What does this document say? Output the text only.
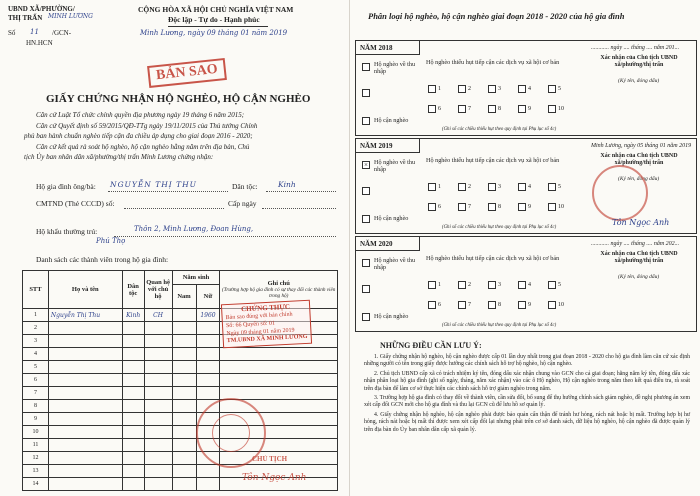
UBND XÃ/PHƯỜNG/
THỊ TRẤN MINH LƯƠNG
Số 11 /GCN-
HN.HCN
CỘNG HÒA XÃ HỘI CHỦ NGHĨA VIỆT NAM
Độc lập - Tự do - Hạnh phúc
Minh Lương, ngày 09 tháng 01 năm 2019
BẢN SAO
GIẤY CHỨNG NHẬN HỘ NGHÈO, HỘ CẬN NGHÈO
Căn cứ Luật Tổ chức chính quyền địa phương ngày 19 tháng 6 năm 2015;
Căn cứ Quyết định số 59/2015/QĐ-TTg ngày 19/11/2015 của Thủ tướng Chính
phủ ban hành chuẩn nghèo tiếp cận đa chiều áp dụng cho giai đoạn 2016 - 2020;
Căn cứ kết quả rà soát hộ nghèo, hộ cận nghèo hằng năm trên địa bàn, Chủ
tịch Ủy ban nhân dân xã/phường/thị trấn Minh Lương chứng nhận:
Hộ gia đình ông/bà: NGUYỄN THỊ THU	Dân tộc:	Kinh
CMTND (Thẻ CCCD) số:	Cấp ngày
Hộ khẩu thường trú:	Thôn 2, Minh Lương, Đoan Hùng,
Phú Thọ
Danh sách các thành viên trong hộ gia đình:
STT	Họ và tên	Dân tộc	Quan hệ với chủ hộ	Năm sinh		Ghi chú
(Trường hợp hộ gia đình có sự thay đổi các thành viên trong hộ)

				Nam	Nữ	
1	Nguyễn Thị Thu	Kinh	CH		1960	
2						
3						
4						
5						
6						
7						
8						
9						
10						
11						
12						
13						
14						
CHỨNG THỰC
Bản sao đúng với bản chính
Số: 66 Quyển số: 01
Ngày 09 tháng 01 năm 2019
TM.UBND XÃ MINH LƯƠNG
CHỦ TỊCH
Tôn Ngọc Anh
Phân loại hộ nghèo, hộ cận nghèo giai đoạn 2018 - 2020 của hộ gia đình
NĂM 2018	............ ngày .... tháng .... năm 201...
Xác nhận của Chủ tịch UBND xã/phường/thị trấn
(Ký tên, đóng dấu)
Hộ nghèo về thu nhập
Hộ nghèo thiếu hụt tiếp cận các dịch vụ xã hội cơ bản
1	2	3	4	5
6	7	8	9	10
Hộ cận nghèo
(Ghi số các chiều thiếu hụt theo quy định tại Phụ lục số 4c)
NĂM 2019	Minh Lương, ngày 05 tháng 01 năm 2019
Xác nhận của Chủ tịch UBND xã/phường/thị trấn
(Ký tên, đóng dấu)
× Hộ nghèo về thu nhập
Hộ nghèo thiếu hụt tiếp cận các dịch vụ xã hội cơ bản
1	2	3	4	5
6	7	8	9	10
Hộ cận nghèo
(Ghi số các chiều thiếu hụt theo quy định tại Phụ lục số 4c)
Tôn Ngọc Anh
NĂM 2020	............ ngày .... tháng .... năm 202...
Xác nhận của Chủ tịch UBND xã/phường/thị trấn
(Ký tên, đóng dấu)
Hộ nghèo về thu nhập
Hộ nghèo thiếu hụt tiếp cận các dịch vụ xã hội cơ bản
1	2	3	4	5
6	7	8	9	10
Hộ cận nghèo
(Ghi số các chiều thiếu hụt theo quy định tại Phụ lục số 4c)
NHỮNG ĐIỀU CẦN LƯU Ý:

1. Giấy chứng nhận hộ nghèo, hộ cận nghèo được cấp 01 lần duy nhất trong giai đoạn 2018 - 2020 cho hộ gia đình làm căn cứ xác định những người có tên trong giấy được hưởng các chính sách hỗ trợ hộ nghèo, hộ cận nghèo.

2. Chủ tịch UBND cấp xã có trách nhiệm ký tên, đóng dấu xác nhận chung vào GCN cho cả giai đoạn; hằng năm ký tên, đóng dấu xác nhận phân loại hộ gia đình (ghi số ngày, tháng, năm xác nhận) vào các ô Hộ nghèo, Hộ cận nghèo trong năm theo kết quả điều tra, rà soát trên địa bàn để làm cơ sở thực hiện các chính sách hỗ trợ giảm nghèo trong năm.

3. Trường hợp hộ gia đình có thay đổi về thành viên, cần sửa đổi, bổ sung để thụ hưởng chính sách giảm nghèo, đề nghị phương án xem xét cấp đổi GCN mới cho hộ gia đình và thu lại GCN cũ để lưu hồ sơ quản lý.

4. Giấy chứng nhận hộ nghèo, hộ cận nghèo phải được bảo quản cẩn thận để tránh hư hỏng, rách nát hoặc bị mất. Trường hợp bị hư hỏng, rách nát hoặc bị mất thì được xem xét cấp đổi lại nhưng phải trên cơ sở danh sách, dữ liệu hộ nghèo, hộ cận nghèo đã được quản lý trên địa bàn do Ủy ban nhân dân cấp xã quản lý.
